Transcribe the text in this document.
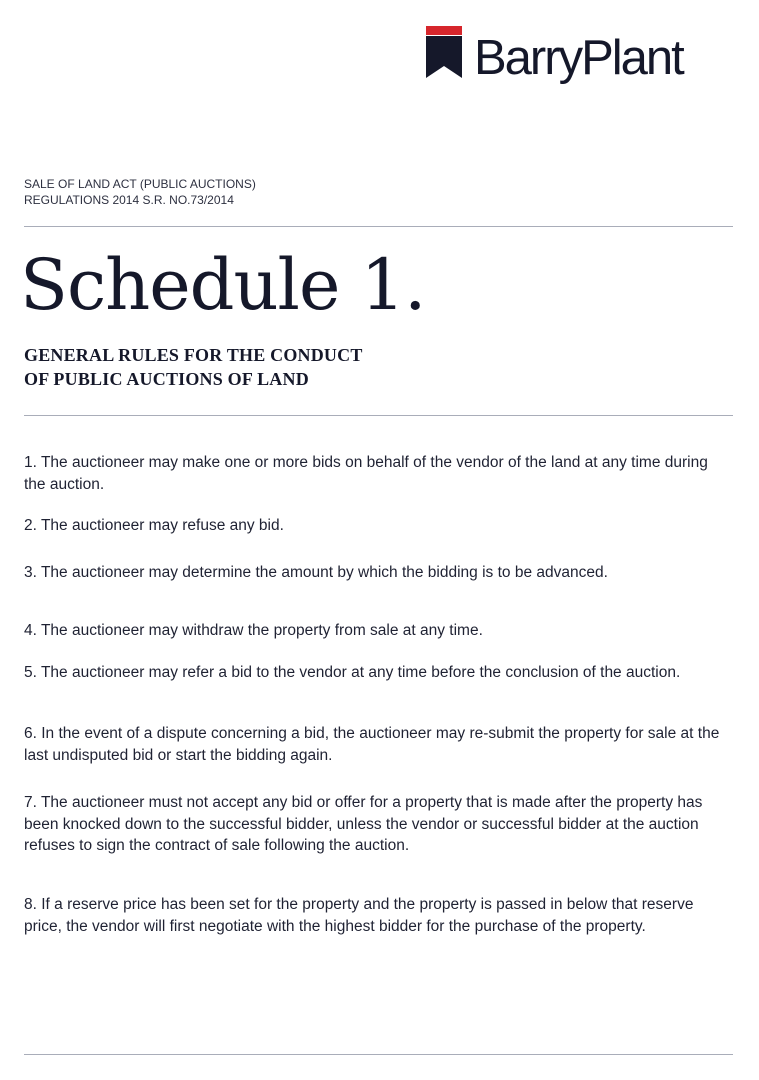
BarryPlant
SALE OF LAND ACT (PUBLIC AUCTIONS)
REGULATIONS 2014 S.R. NO.73/2014
Schedule 1.
GENERAL RULES FOR THE CONDUCT
OF PUBLIC AUCTIONS OF LAND
1. The auctioneer may make one or more bids on behalf of the vendor of the land at any time during the auction.
2. The auctioneer may refuse any bid.
3. The auctioneer may determine the amount by which the bidding is to be advanced.
4. The auctioneer may withdraw the property from sale at any time.
5. The auctioneer may refer a bid to the vendor at any time before the conclusion of the auction.
6. In the event of a dispute concerning a bid, the auctioneer may re-submit the property for sale at the last undisputed bid or start the bidding again.
7. The auctioneer must not accept any bid or offer for a property that is made after the property has been knocked down to the successful bidder, unless the vendor or successful bidder at the auction refuses to sign the contract of sale following the auction.
8. If a reserve price has been set for the property and the property is passed in below that reserve price, the vendor will first negotiate with the highest bidder for the purchase of the property.
